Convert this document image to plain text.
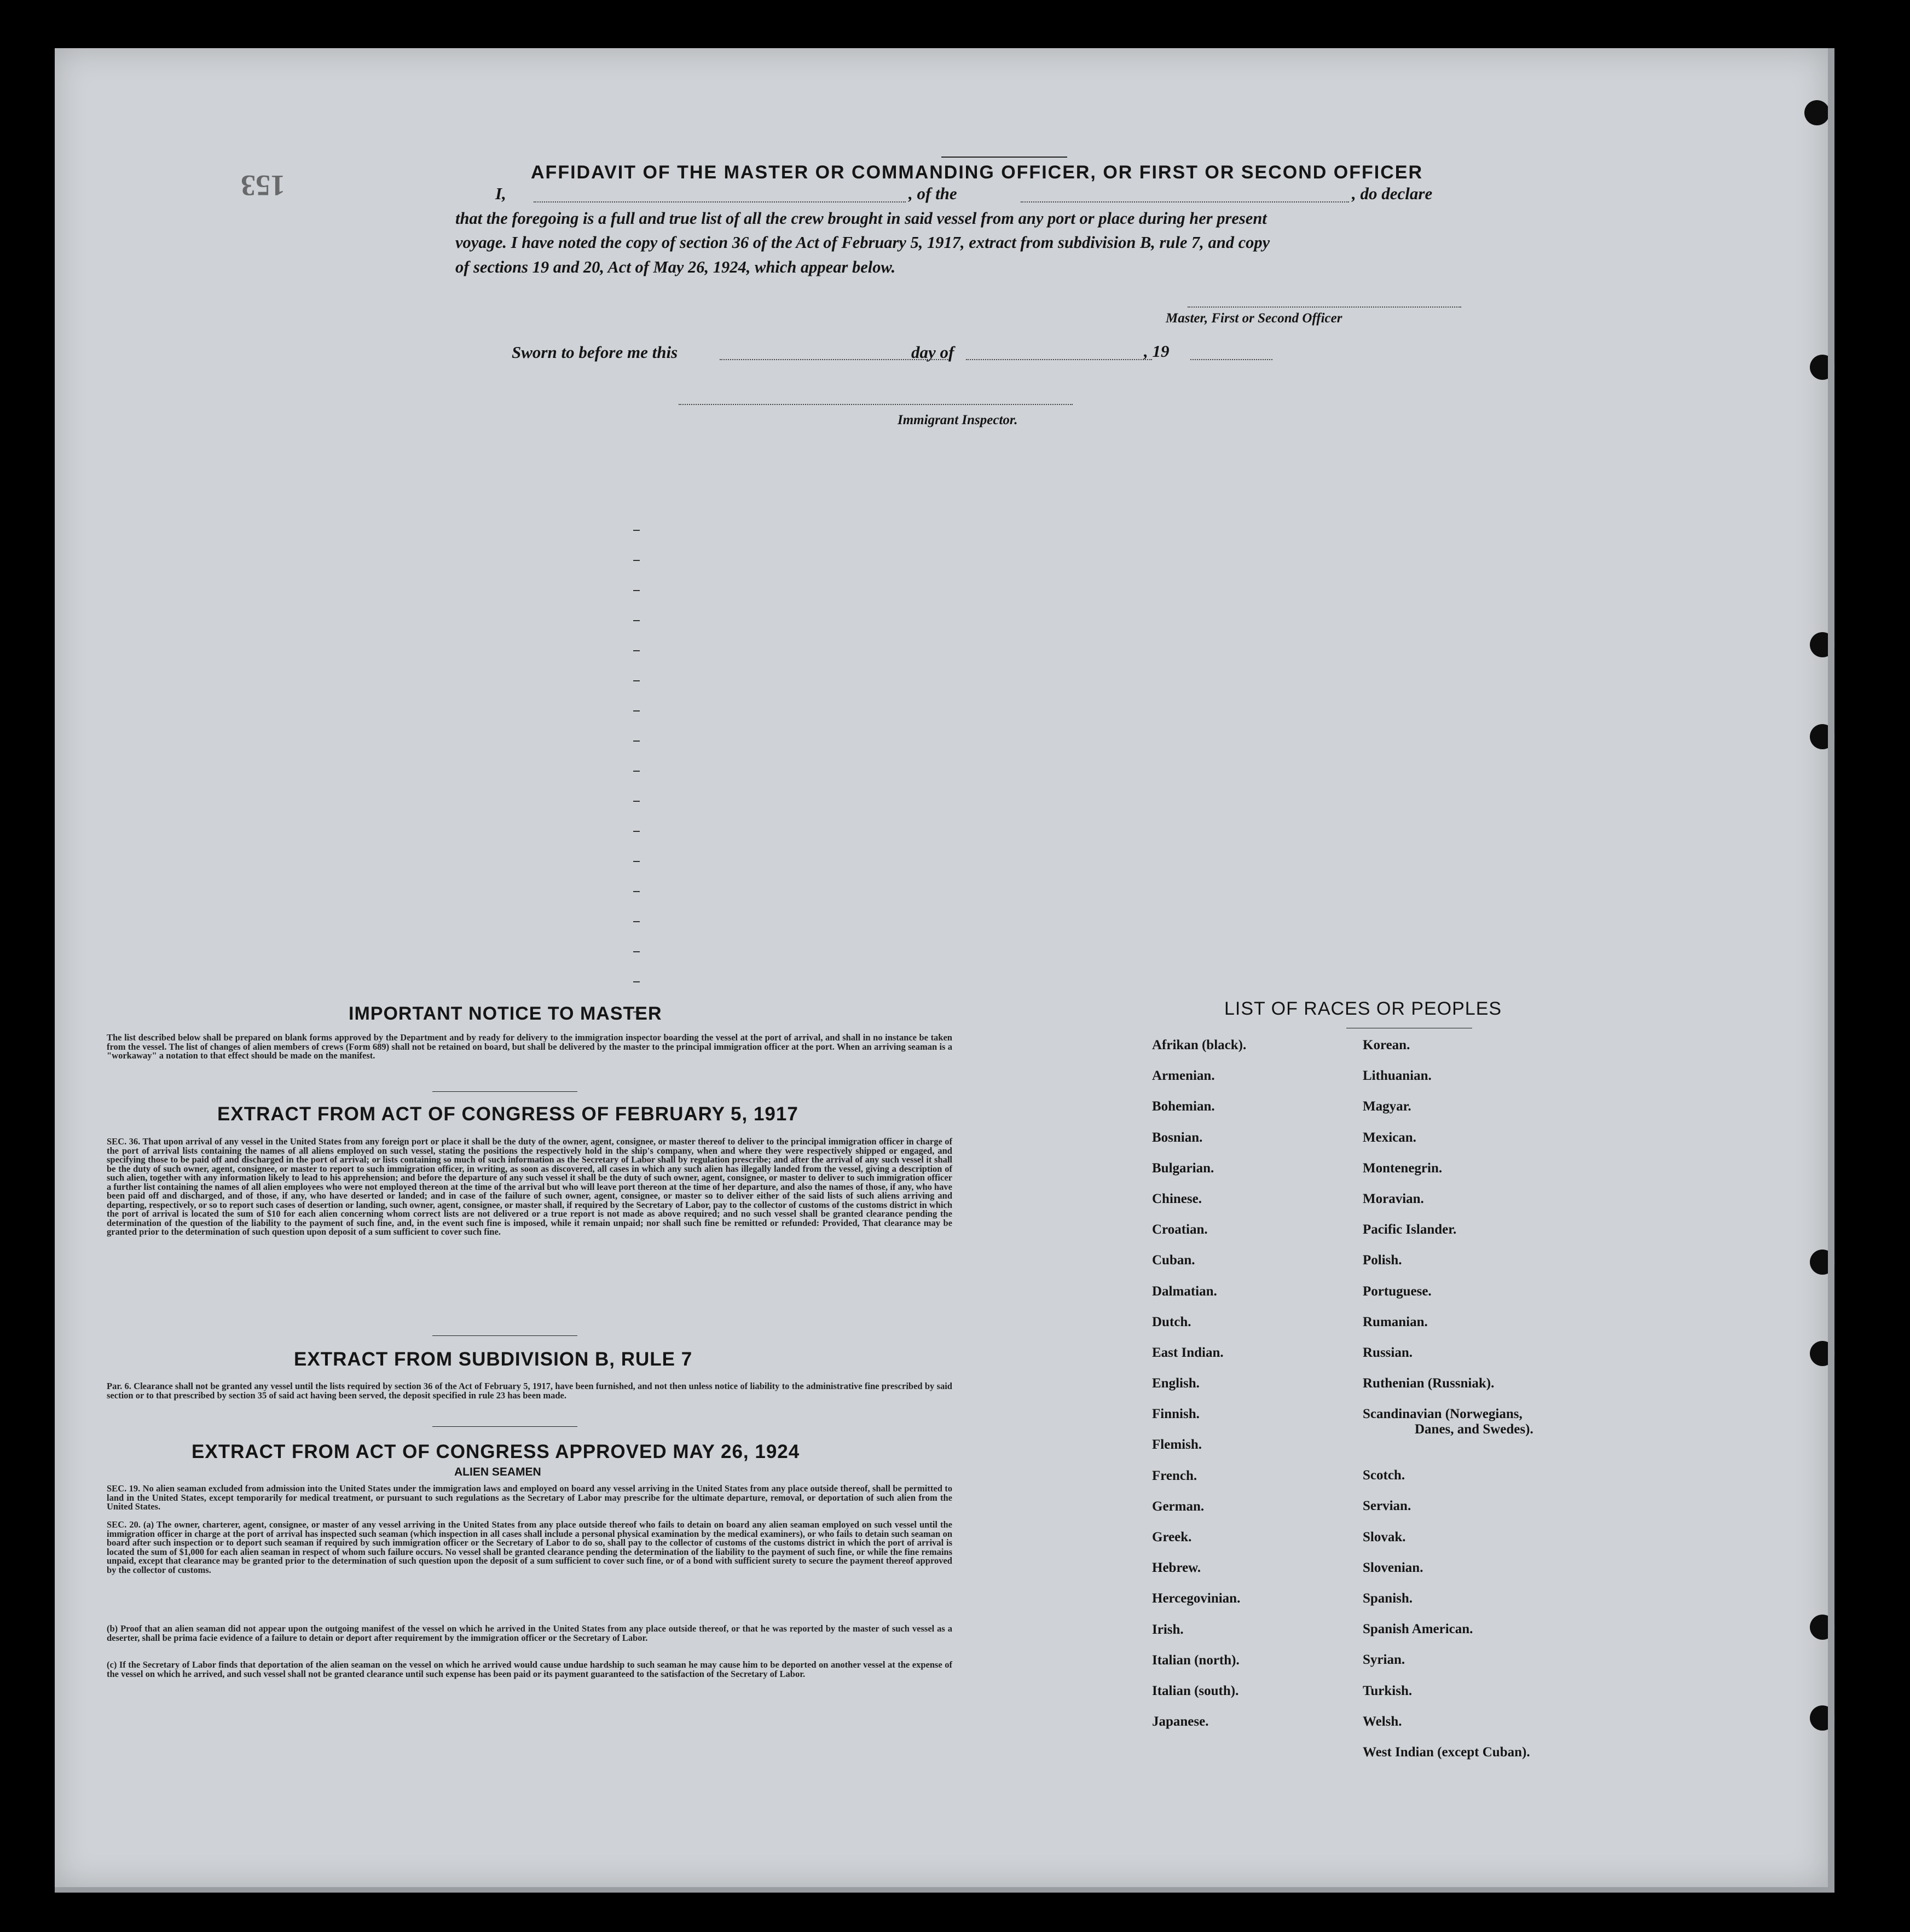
153	AFFIDAVIT OF THE MASTER OR COMMANDING OFFICER, OR FIRST OR SECOND OFFICER
I,	, of the	, do declare
that the foregoing is a full and true list of all the crew brought in said vessel from any port or place during her present
voyage. I have noted the copy of section 36 of the Act of February 5, 1917, extract from subdivision B, rule 7, and copy
of sections 19 and 20, Act of May 26, 1924, which appear below.
Master, First or Second Officer
Sworn to before me this	day of	, 19
Immigrant Inspector.
IMPORTANT NOTICE TO MASTER
The list described below shall be prepared on blank forms approved by the Department and by ready for delivery to the immigration inspector boarding the vessel at the port of arrival, and shall in no instance be taken from the vessel. The list of changes of alien members of crews (Form 689) shall not be retained on board, but shall be delivered by the master to the principal immigration officer at the port. When an arriving seaman is a "workaway" a notation to that effect should be made on the manifest.
EXTRACT FROM ACT OF CONGRESS OF FEBRUARY 5, 1917
SEC. 36. That upon arrival of any vessel in the United States from any foreign port or place it shall be the duty of the owner, agent, consignee, or master thereof to deliver to the principal immigration officer in charge of the port of arrival lists containing the names of all aliens employed on such vessel, stating the positions the respectively hold in the ship's company, when and where they were respectively shipped or engaged, and specifying those to be paid off and discharged in the port of arrival; or lists containing so much of such information as the Secretary of Labor shall by regulation prescribe; and after the arrival of any such vessel it shall be the duty of such owner, agent, consignee, or master to report to such immigration officer, in writing, as soon as discovered, all cases in which any such alien has illegally landed from the vessel, giving a description of such alien, together with any information likely to lead to his apprehension; and before the departure of any such vessel it shall be the duty of such owner, agent, consignee, or master to deliver to such immigration officer a further list containing the names of all alien employees who were not employed thereon at the time of the arrival but who will leave port thereon at the time of her departure, and also the names of those, if any, who have been paid off and discharged, and of those, if any, who have deserted or landed; and in case of the failure of such owner, agent, consignee, or master so to deliver either of the said lists of such aliens arriving and departing, respectively, or so to report such cases of desertion or landing, such owner, agent, consignee, or master shall, if required by the Secretary of Labor, pay to the collector of customs of the customs district in which the port of arrival is located the sum of $10 for each alien concerning whom correct lists are not delivered or a true report is not made as above required; and no such vessel shall be granted clearance pending the determination of the question of the liability to the payment of such fine, and, in the event such fine is imposed, while it remain unpaid; nor shall such fine be remitted or refunded: Provided, That clearance may be granted prior to the determination of such question upon deposit of a sum sufficient to cover such fine.
EXTRACT FROM SUBDIVISION B, RULE 7
Par. 6. Clearance shall not be granted any vessel until the lists required by section 36 of the Act of February 5, 1917, have been furnished, and not then unless notice of liability to the administrative fine prescribed by said section or to that prescribed by section 35 of said act having been served, the deposit specified in rule 23 has been made.
EXTRACT FROM ACT OF CONGRESS APPROVED MAY 26, 1924
ALIEN SEAMEN
SEC. 19. No alien seaman excluded from admission into the United States under the immigration laws and employed on board any vessel arriving in the United States from any place outside thereof, shall be permitted to land in the United States, except temporarily for medical treatment, or pursuant to such regulations as the Secretary of Labor may prescribe for the ultimate departure, removal, or deportation of such alien from the United States.
SEC. 20. (a) The owner, charterer, agent, consignee, or master of any vessel arriving in the United States from any place outside thereof who fails to detain on board any alien seaman employed on such vessel until the immigration officer in charge at the port of arrival has inspected such seaman (which inspection in all cases shall include a personal physical examination by the medical examiners), or who fails to detain such seaman on board after such inspection or to deport such seaman if required by such immigration officer or the Secretary of Labor to do so, shall pay to the collector of customs of the customs district in which the port of arrival is located the sum of $1,000 for each alien seaman in respect of whom such failure occurs. No vessel shall be granted clearance pending the determination of the liability to the payment of such fine, or while the fine remains unpaid, except that clearance may be granted prior to the determination of such question upon the deposit of a sum sufficient to cover such fine, or of a bond with sufficient surety to secure the payment thereof approved by the collector of customs.
(b) Proof that an alien seaman did not appear upon the outgoing manifest of the vessel on which he arrived in the United States from any place outside thereof, or that he was reported by the master of such vessel as a deserter, shall be prima facie evidence of a failure to detain or deport after requirement by the immigration officer or the Secretary of Labor.
(c) If the Secretary of Labor finds that deportation of the alien seaman on the vessel on which he arrived would cause undue hardship to such seaman he may cause him to be deported on another vessel at the expense of the vessel on which he arrived, and such vessel shall not be granted clearance until such expense has been paid or its payment guaranteed to the satisfaction of the Secretary of Labor.
LIST OF RACES OR PEOPLES
Afrikan (black).
Armenian.
Bohemian.
Bosnian.
Bulgarian.
Chinese.
Croatian.
Cuban.
Dalmatian.
Dutch.
East Indian.
English.
Finnish.
Flemish.
French.
German.
Greek.
Hebrew.
Hercegovinian.
Irish.
Italian (north).
Italian (south).
Japanese.
Korean.
Lithuanian.
Magyar.
Mexican.
Montenegrin.
Moravian.
Pacific Islander.
Polish.
Portuguese.
Rumanian.
Russian.
Ruthenian (Russniak).
Scandinavian (Norwegians,
Danes, and Swedes).
Scotch.
Servian.
Slovak.
Slovenian.
Spanish.
Spanish American.
Syrian.
Turkish.
Welsh.
West Indian (except Cuban).
